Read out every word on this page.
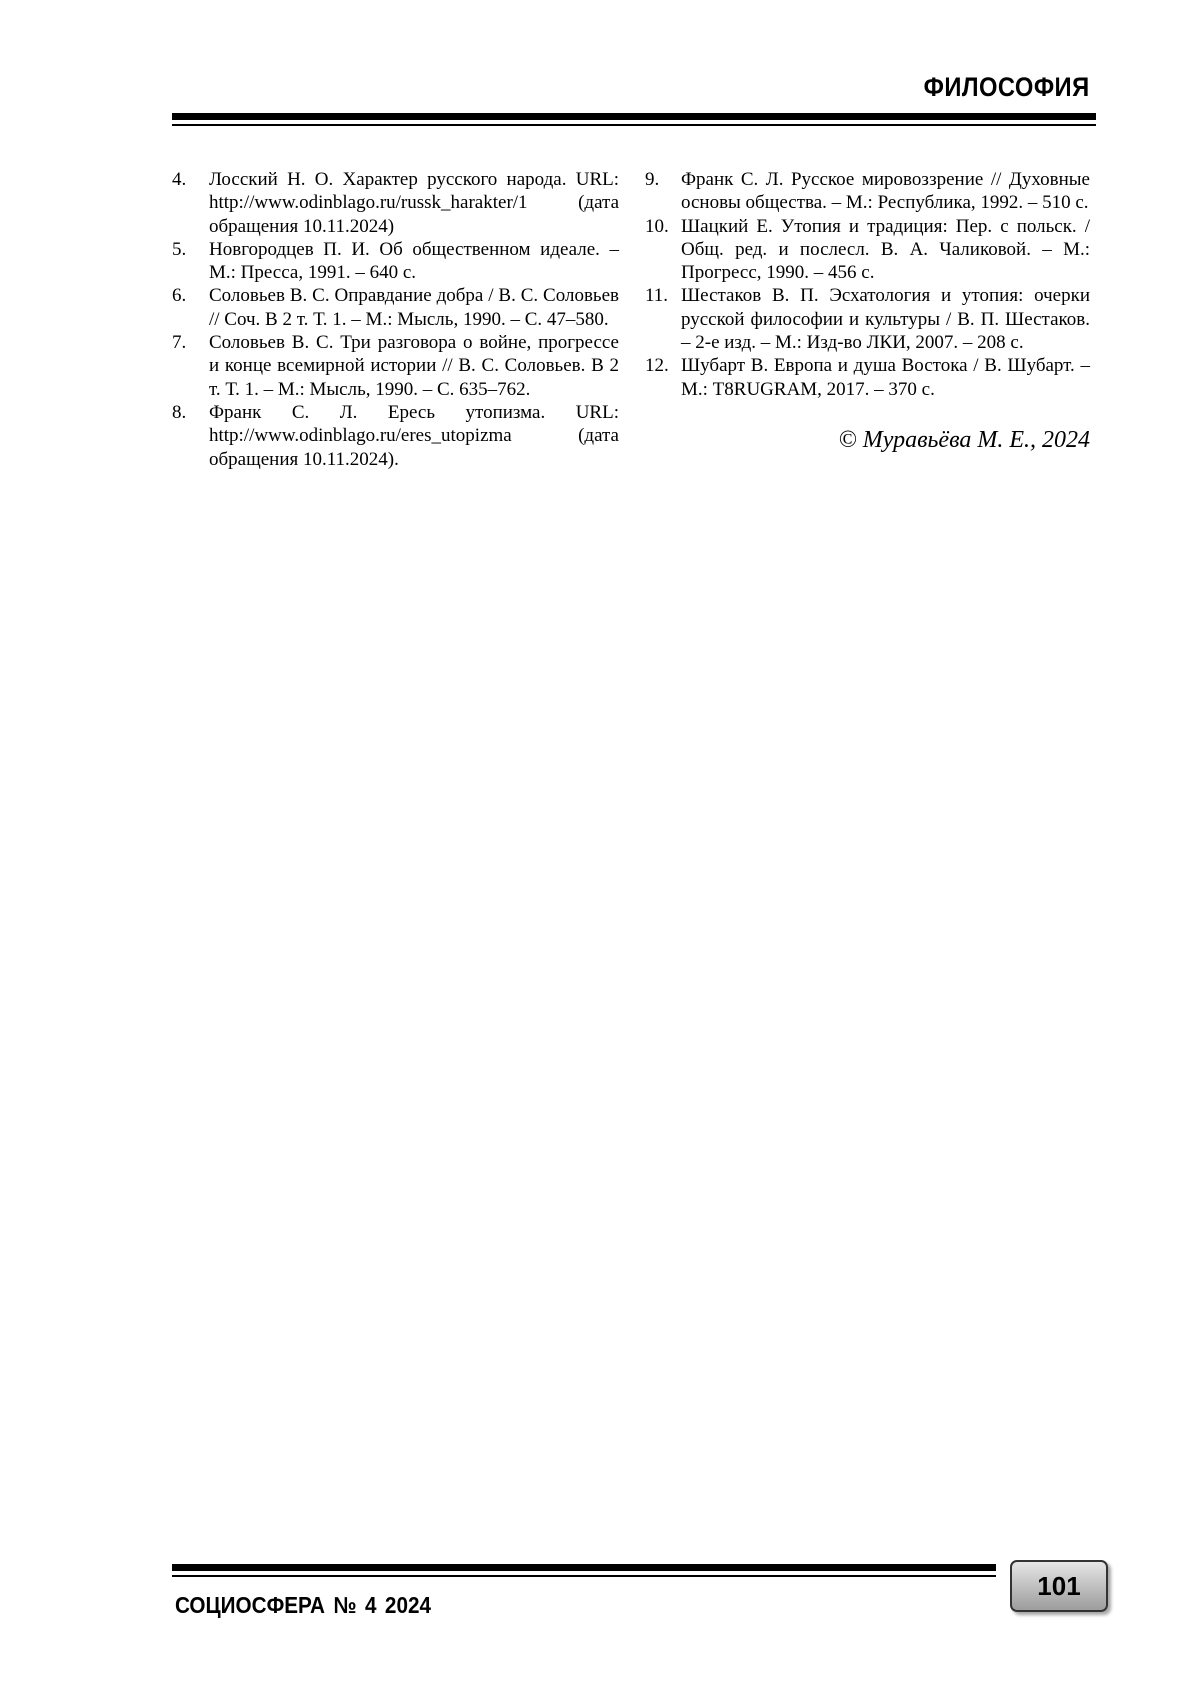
ФИЛОСОФИЯ
4. Лосский Н. О. Характер русского народа. URL: http://www.odinblago.ru/russk_harakter/1 (дата обращения 10.11.2024)
5. Новгородцев П. И. Об общественном идеале. – М.: Пресса, 1991. – 640 с.
6. Соловьев В. С. Оправдание добра / В. С. Соловьев // Соч. В 2 т. Т. 1. – М.: Мысль, 1990. – С. 47–580.
7. Соловьев В. С. Три разговора о войне, прогрессе и конце всемирной истории // В. С. Соловьев. В 2 т. Т. 1. – М.: Мысль, 1990. – С. 635–762.
8. Франк С. Л. Ересь утопизма. URL: http://www.odinblago.ru/eres_utopizma (дата обращения 10.11.2024).
9. Франк С. Л. Русское мировоззрение // Духовные основы общества. – М.: Республика, 1992. – 510 с.
10. Шацкий Е. Утопия и традиция: Пер. с польск. / Общ. ред. и послесл. В. А. Чаликовой. – М.: Прогресс, 1990. – 456 с.
11. Шестаков В. П. Эсхатология и утопия: очерки русской философии и культуры / В. П. Шестаков. – 2-е изд. – М.: Изд-во ЛКИ, 2007. – 208 с.
12. Шубарт В. Европа и душа Востока / В. Шубарт. – М.: T8RUGRAM, 2017. – 370 с.
© Муравьёва М. Е., 2024
СОЦИОСФЕРА № 4 2024
101
